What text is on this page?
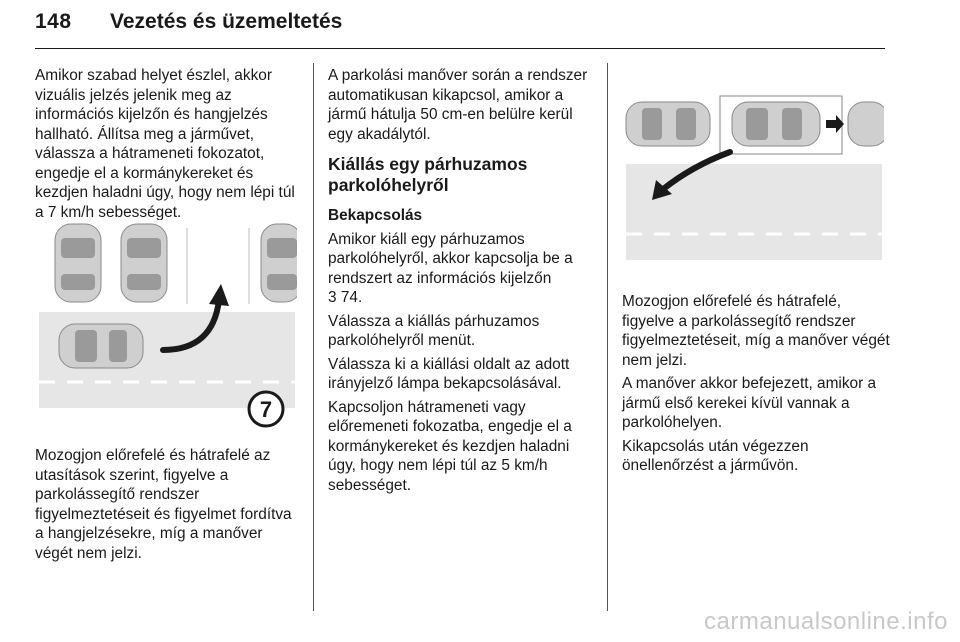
148 Vezetés és üzemeltetés

Amikor szabad helyet észlel, akkor vizuális jelzés jelenik meg az információs kijelzőn és hangjelzés hallható. Állítsa meg a járművet, válassza a hátrameneti fokozatot, engedje el a kormánykereket és kezdjen haladni úgy, hogy nem lépi túl a 7 km/h sebességet.

7

Mozogjon előrefelé és hátrafelé az utasítások szerint, figyelve a parkolássegítő rendszer figyelmeztetéseit és figyelmet fordítva a hangjelzésekre, míg a manőver végét nem jelzi.

A parkolási manőver során a rendszer automatikusan kikapcsol, amikor a jármű hátulja 50 cm-en belülre kerül egy akadálytól.

Kiállás egy párhuzamos parkolóhelyről

Bekapcsolás

Amikor kiáll egy párhuzamos parkolóhelyről, akkor kapcsolja be a rendszert az információs kijelzőn

3 74.

Válassza a kiállás párhuzamos parkolóhelyről menüt.

Válassza ki a kiállási oldalt az adott irányjelző lámpa bekapcsolásával.

Kapcsoljon hátrameneti vagy előremeneti fokozatba, engedje el a kormánykereket és kezdjen haladni úgy, hogy nem lépi túl az 5 km/h sebességet.

Mozogjon előrefelé és hátrafelé, figyelve a parkolássegítő rendszer figyelmeztetéseit, míg a manőver végét nem jelzi.

A manőver akkor befejezett, amikor a jármű első kerekei kívül vannak a parkolóhelyen.

Kikapcsolás után végezzen önellenőrzést a járművön.

carmanualsonline.info
